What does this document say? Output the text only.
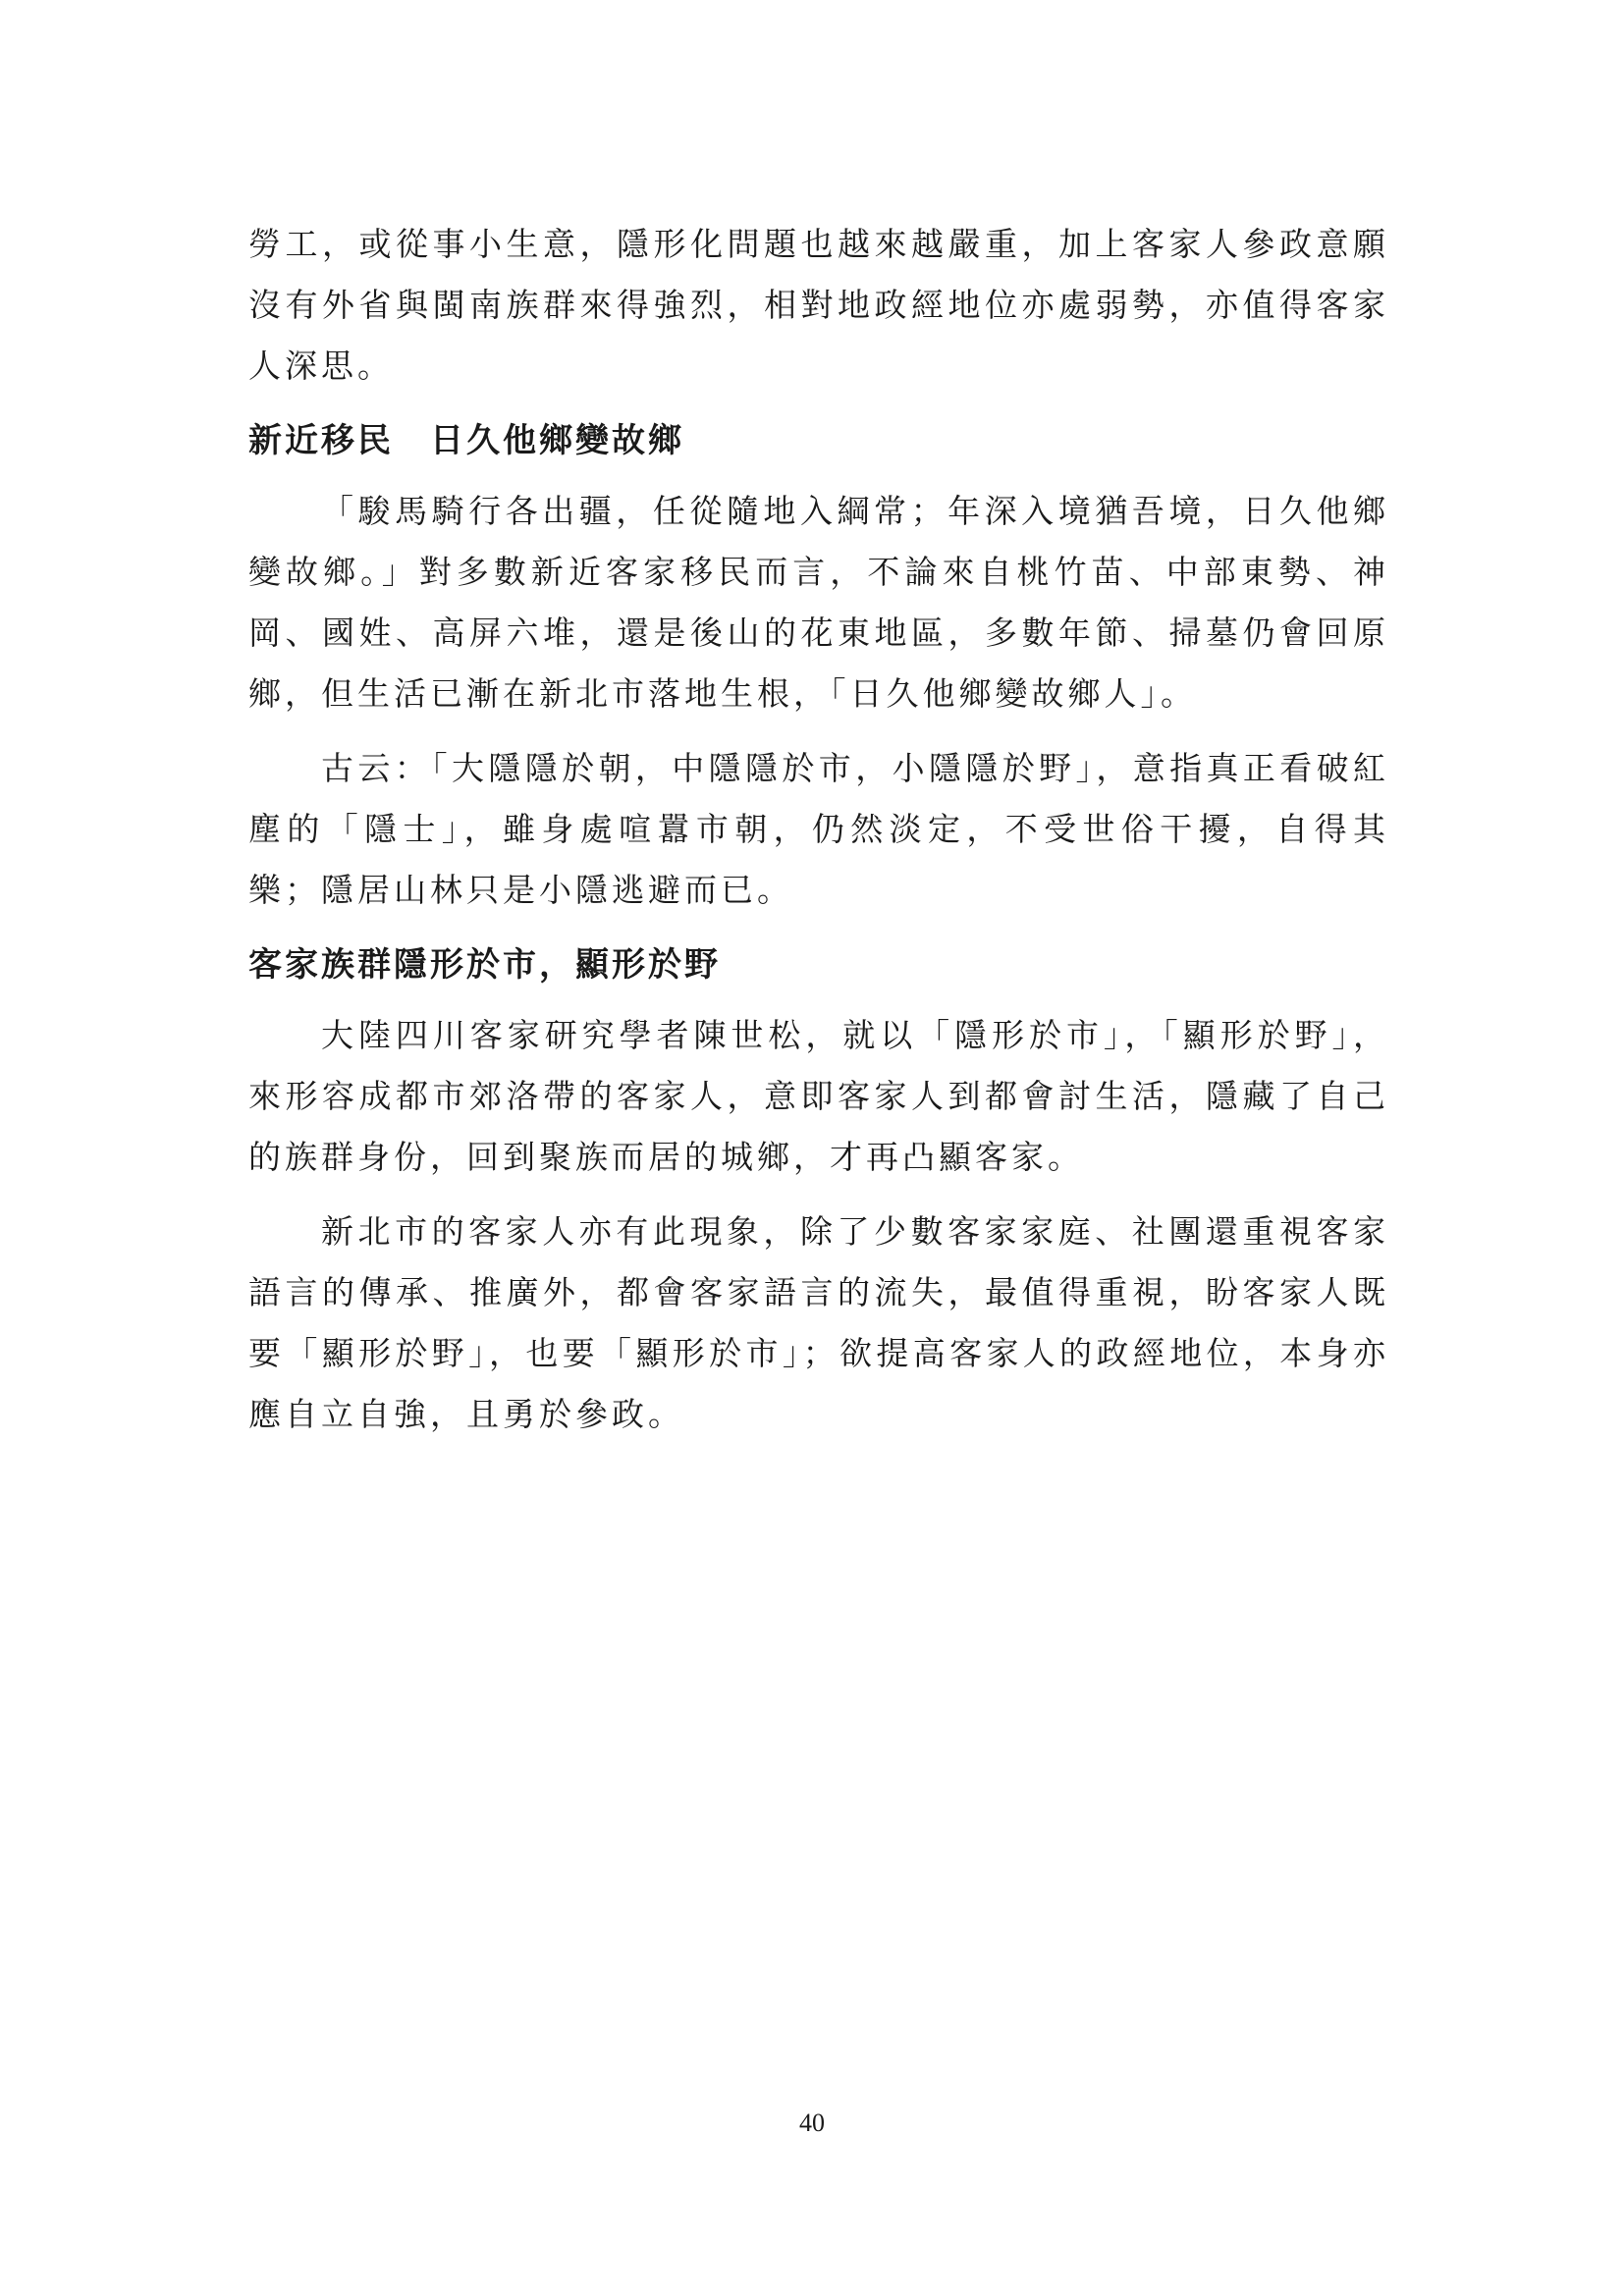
勞工，或從事小生意，隱形化問題也越來越嚴重，加上客家人參政意願沒有外省與閩南族群來得強烈，相對地政經地位亦處弱勢，亦值得客家人深思。

新近移民　日久他鄉變故鄉

「駿馬騎行各出疆，任從隨地入綱常；年深入境猶吾境，日久他鄉變故鄉。」對多數新近客家移民而言，不論來自桃竹苗、中部東勢、神岡、國姓、高屏六堆，還是後山的花東地區，多數年節、掃墓仍會回原鄉，但生活已漸在新北市落地生根，「日久他鄉變故鄉人」。

古云：「大隱隱於朝，中隱隱於市，小隱隱於野」，意指真正看破紅塵的「隱士」，雖身處喧囂市朝，仍然淡定，不受世俗干擾，自得其樂；隱居山林只是小隱逃避而已。

客家族群隱形於市，顯形於野

大陸四川客家研究學者陳世松，就以「隱形於市」，「顯形於野」，來形容成都市郊洛帶的客家人，意即客家人到都會討生活，隱藏了自己的族群身份，回到聚族而居的城鄉，才再凸顯客家。

新北市的客家人亦有此現象，除了少數客家家庭、社團還重視客家語言的傳承、推廣外，都會客家語言的流失，最值得重視，盼客家人既要「顯形於野」，也要「顯形於市」；欲提高客家人的政經地位，本身亦應自立自強，且勇於參政。

40
